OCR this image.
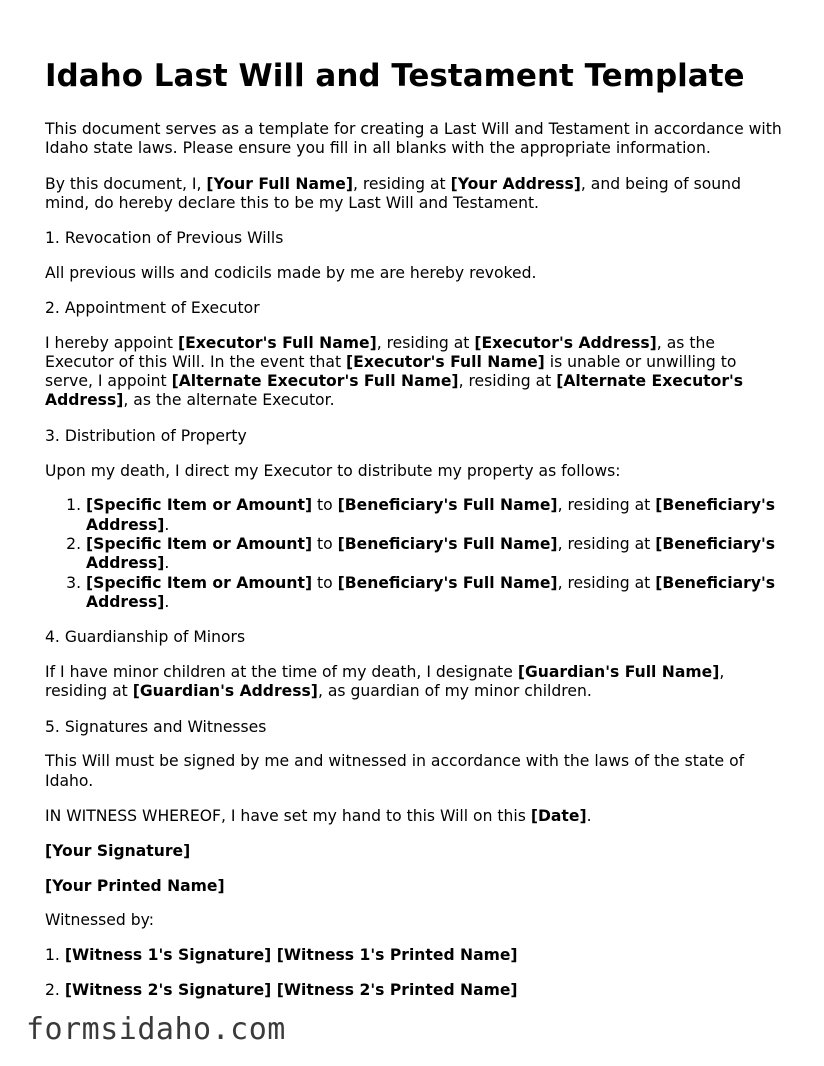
Idaho Last Will and Testament Template

This document serves as a template for creating a Last Will and Testament in accordance with Idaho state laws. Please ensure you fill in all blanks with the appropriate information.

By this document, I, [Your Full Name], residing at [Your Address], and being of sound mind, do hereby declare this to be my Last Will and Testament.

1. Revocation of Previous Wills

All previous wills and codicils made by me are hereby revoked.

2. Appointment of Executor

I hereby appoint [Executor's Full Name], residing at [Executor's Address], as the Executor of this Will. In the event that [Executor's Full Name] is unable or unwilling to serve, I appoint [Alternate Executor's Full Name], residing at [Alternate Executor's Address], as the alternate Executor.

3. Distribution of Property

Upon my death, I direct my Executor to distribute my property as follows:

1. [Specific Item or Amount] to [Beneficiary's Full Name], residing at [Beneficiary's Address].
2. [Specific Item or Amount] to [Beneficiary's Full Name], residing at [Beneficiary's Address].
3. [Specific Item or Amount] to [Beneficiary's Full Name], residing at [Beneficiary's Address].

4. Guardianship of Minors

If I have minor children at the time of my death, I designate [Guardian's Full Name], residing at [Guardian's Address], as guardian of my minor children.

5. Signatures and Witnesses

This Will must be signed by me and witnessed in accordance with the laws of the state of Idaho.

IN WITNESS WHEREOF, I have set my hand to this Will on this [Date].

[Your Signature]

[Your Printed Name]

Witnessed by:

1. [Witness 1's Signature] [Witness 1's Printed Name]

2. [Witness 2's Signature] [Witness 2's Printed Name]

formsidaho.com
